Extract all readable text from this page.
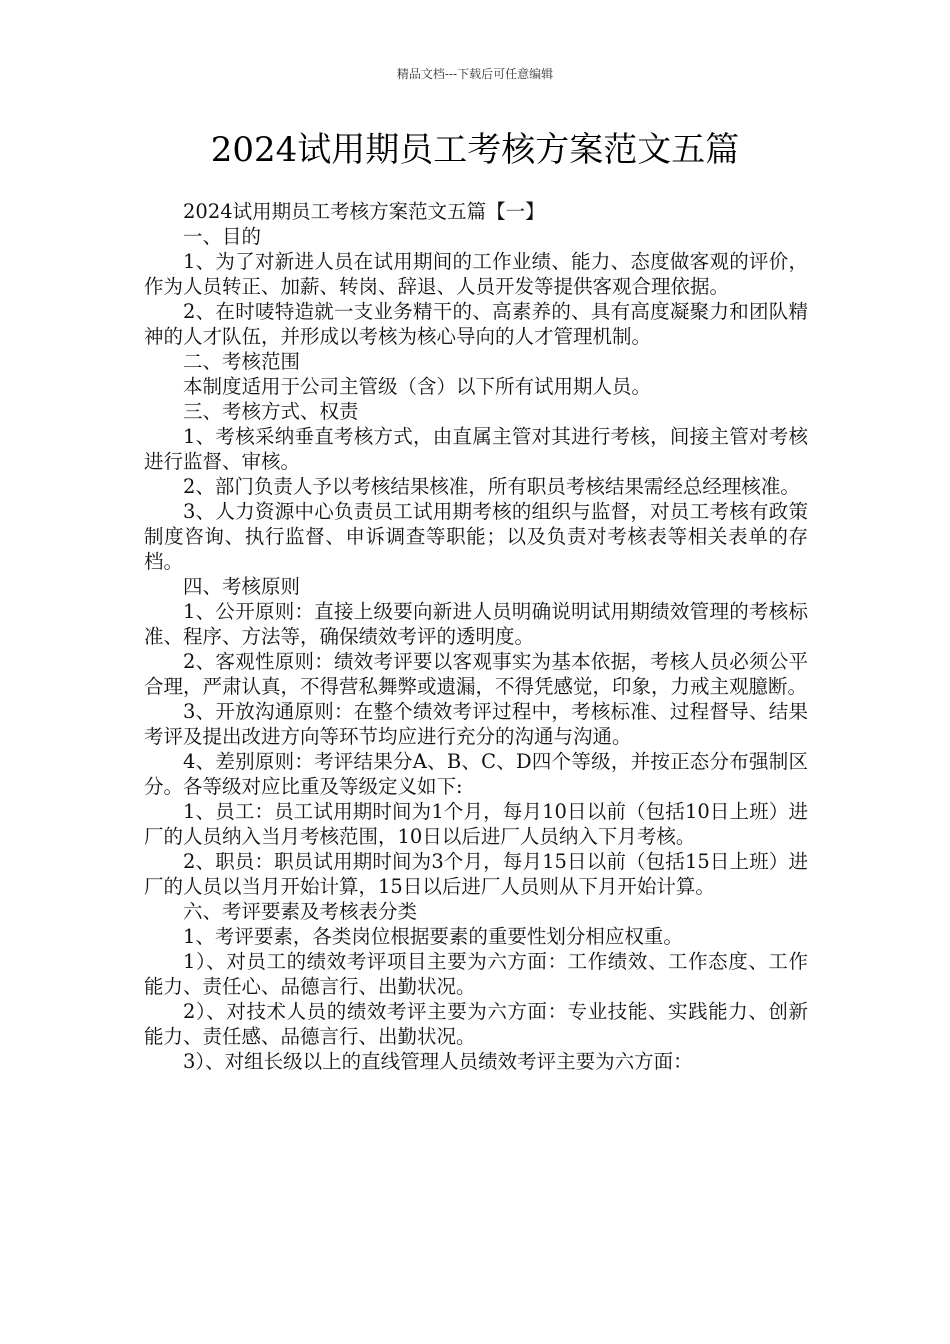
精品文档---下载后可任意编辑
2024试用期员工考核方案范文五篇

2024试用期员工考核方案范文五篇【一】

一、目的

1、为了对新进人员在试用期间的工作业绩、能力、态度做客观的评价，作为人员转正、加薪、转岗、辞退、人员开发等提供客观合理依据。

2、在时唛特造就一支业务精干的、高素养的、具有高度凝聚力和团队精神的人才队伍，并形成以考核为核心导向的人才管理机制。

二、考核范围

本制度适用于公司主管级（含）以下所有试用期人员。

三、考核方式、权责

1、考核采纳垂直考核方式，由直属主管对其进行考核，间接主管对考核进行监督、审核。

2、部门负责人予以考核结果核准，所有职员考核结果需经总经理核准。

3、人力资源中心负责员工试用期考核的组织与监督，对员工考核有政策制度咨询、执行监督、申诉调查等职能；以及负责对考核表等相关表单的存档。

四、考核原则

1、公开原则：直接上级要向新进人员明确说明试用期绩效管理的考核标准、程序、方法等，确保绩效考评的透明度。

2、客观性原则：绩效考评要以客观事实为基本依据，考核人员必须公平合理，严肃认真，不得营私舞弊或遗漏，不得凭感觉，印象，力戒主观臆断。

3、开放沟通原则：在整个绩效考评过程中，考核标准、过程督导、结果考评及提出改进方向等环节均应进行充分的沟通与沟通。

4、差别原则：考评结果分A、B、C、D四个等级，并按正态分布强制区分。各等级对应比重及等级定义如下:

1、员工：员工试用期时间为1个月，每月10日以前（包括10日上班）进厂的人员纳入当月考核范围，10日以后进厂人员纳入下月考核。

2、职员：职员试用期时间为3个月，每月15日以前（包括15日上班）进厂的人员以当月开始计算，15日以后进厂人员则从下月开始计算。

六、考评要素及考核表分类

1、考评要素，各类岗位根据要素的重要性划分相应权重。

1）、对员工的绩效考评项目主要为六方面：工作绩效、工作态度、工作能力、责任心、品德言行、出勤状况。

2）、对技术人员的绩效考评主要为六方面：专业技能、实践能力、创新能力、责任感、品德言行、出勤状况。

3）、对组长级以上的直线管理人员绩效考评主要为六方面：
